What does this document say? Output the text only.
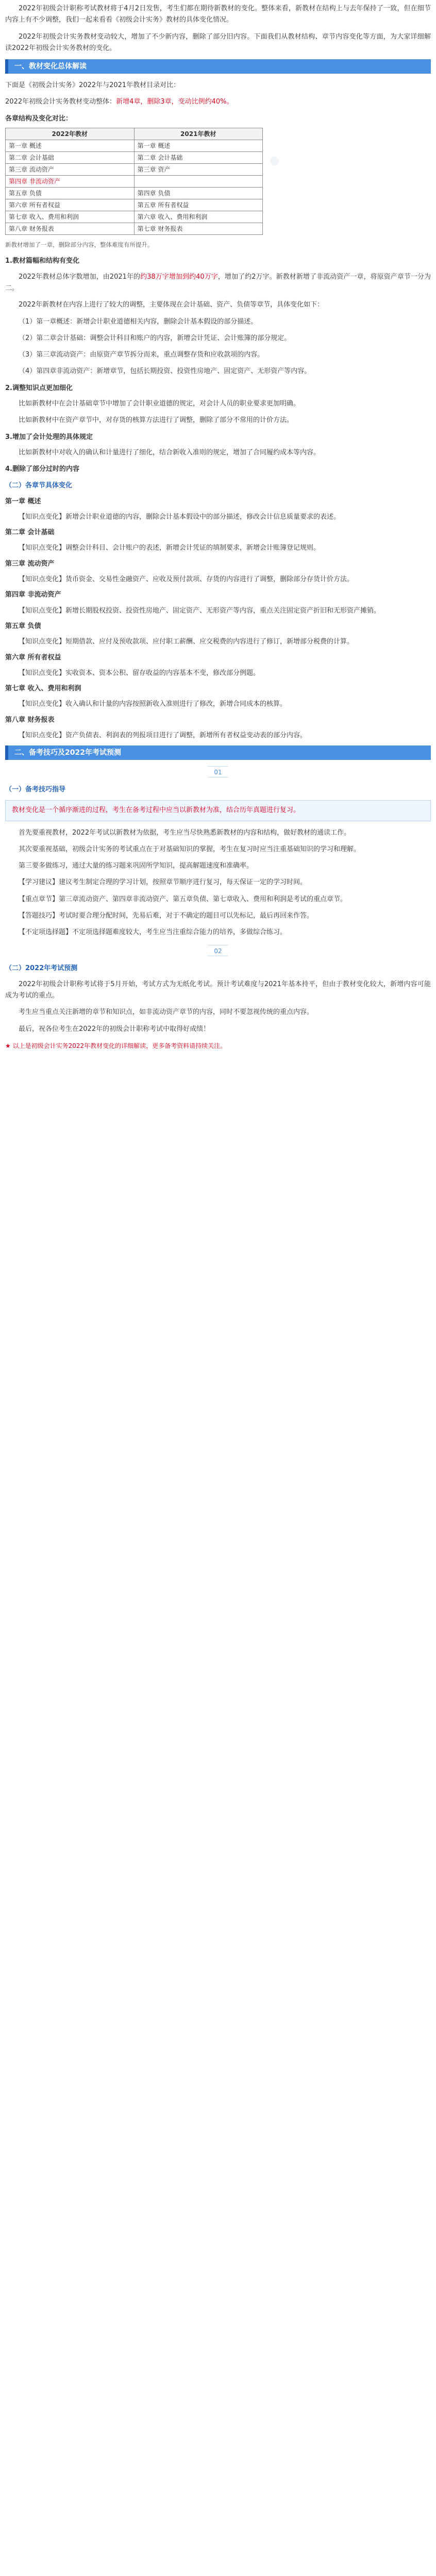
●

2022年初级会计职称考试教材将于4月2日发售，考生们都在期待新教材的变化。整体来看，新教材在结构上与去年保持了一致，但在细节内容上有不少调整，我们一起来看看《初级会计实务》教材的具体变化情况。

2022年初级会计实务教材变动较大，增加了不少新内容，删除了部分旧内容。下面我们从教材结构、章节内容变化等方面，为大家详细解读2022年初级会计实务教材的变化。

一、教材变化总体解读

下面是《初级会计实务》2022年与2021年教材目录对比：

2022年初级会计实务教材变动整体：新增4章，删除3章，变动比例约40%。

各章结构及变化对比：
2022年教材	2021年教材
第一章 概述	第一章 概述
第二章 会计基础	第二章 会计基础
第三章 流动资产	第三章 资产
第四章 非流动资产	
第五章 负债	第四章 负债
第六章 所有者权益	第五章 所有者权益
第七章 收入、费用和利润	第六章 收入、费用和利润
第八章 财务报表	第七章 财务报表

新教材增加了一章，删除部分内容，整体难度有所提升。

1.教材篇幅和结构有变化

2022年教材总体字数增加，由2021年的约38万字增加到约40万字，增加了约2万字。新教材新增了非流动资产一章，将原资产章节一分为二。

2022年新教材在内容上进行了较大的调整，主要体现在会计基础、资产、负债等章节，具体变化如下：

（1）第一章概述：新增会计职业道德相关内容，删除会计基本假设的部分描述。

（2）第二章会计基础：调整会计科目和账户的内容，新增会计凭证、会计账簿的部分规定。

（3）第三章流动资产：由原资产章节拆分而来，重点调整存货和应收款项的内容。

（4）第四章非流动资产：新增章节，包括长期投资、投资性房地产、固定资产、无形资产等内容。

2.调整知识点更加细化

比如新教材中在会计基础章节中增加了会计职业道德的规定，对会计人员的职业要求更加明确。

比如新教材中在资产章节中，对存货的核算方法进行了调整，删除了部分不常用的计价方法。

3.增加了会计处理的具体规定

比如新教材中对收入的确认和计量进行了细化，结合新收入准则的规定，增加了合同履约成本等内容。

4.删除了部分过时的内容
（二）各章节具体变化
第一章 概述

【知识点变化】新增会计职业道德的内容，删除会计基本假设中的部分描述，修改会计信息质量要求的表述。

第二章 会计基础

【知识点变化】调整会计科目、会计账户的表述，新增会计凭证的填制要求，新增会计账簿登记规则。

第三章 流动资产

【知识点变化】货币资金、交易性金融资产、应收及预付款项、存货的内容进行了调整，删除部分存货计价方法。

第四章 非流动资产

【知识点变化】新增长期股权投资、投资性房地产、固定资产、无形资产等内容，重点关注固定资产折旧和无形资产摊销。

第五章 负债

【知识点变化】短期借款、应付及预收款项、应付职工薪酬、应交税费的内容进行了修订，新增部分税费的计算。

第六章 所有者权益

【知识点变化】实收资本、资本公积、留存收益的内容基本不变，修改部分例题。

第七章 收入、费用和利润

【知识点变化】收入确认和计量的内容按照新收入准则进行了修改，新增合同成本的核算。

第八章 财务报表

【知识点变化】资产负债表、利润表的列报项目进行了调整，新增所有者权益变动表的部分内容。

二、备考技巧及2022年考试预测
01
（一）备考技巧指导

教材变化是一个循序渐进的过程，考生在备考过程中应当以新教材为准，结合历年真题进行复习。

首先要重视教材，2022年考试以新教材为依据，考生应当尽快熟悉新教材的内容和结构，做好教材的通读工作。

其次要重视基础，初级会计实务的考试重点在于对基础知识的掌握，考生在复习时应当注重基础知识的学习和理解。

第三要多做练习，通过大量的练习题来巩固所学知识，提高解题速度和准确率。

【学习建议】建议考生制定合理的学习计划，按照章节顺序进行复习，每天保证一定的学习时间。

【重点章节】第三章流动资产、第四章非流动资产、第五章负债、第七章收入、费用和利润是考试的重点章节。

【答题技巧】考试时要合理分配时间，先易后难，对于不确定的题目可以先标记，最后再回来作答。

【不定项选择题】不定项选择题难度较大，考生应当注重综合能力的培养，多做综合练习。

02
（二）2022年考试预测

2022年初级会计职称考试将于5月开始，考试方式为无纸化考试。预计考试难度与2021年基本持平，但由于教材变化较大，新增内容可能成为考试的重点。

考生应当重点关注新增的章节和知识点，如非流动资产章节的内容，同时不要忽视传统的重点内容。

最后，祝各位考生在2022年的初级会计职称考试中取得好成绩！

★ 以上是初级会计实务2022年教材变化的详细解读，更多备考资料请持续关注。
